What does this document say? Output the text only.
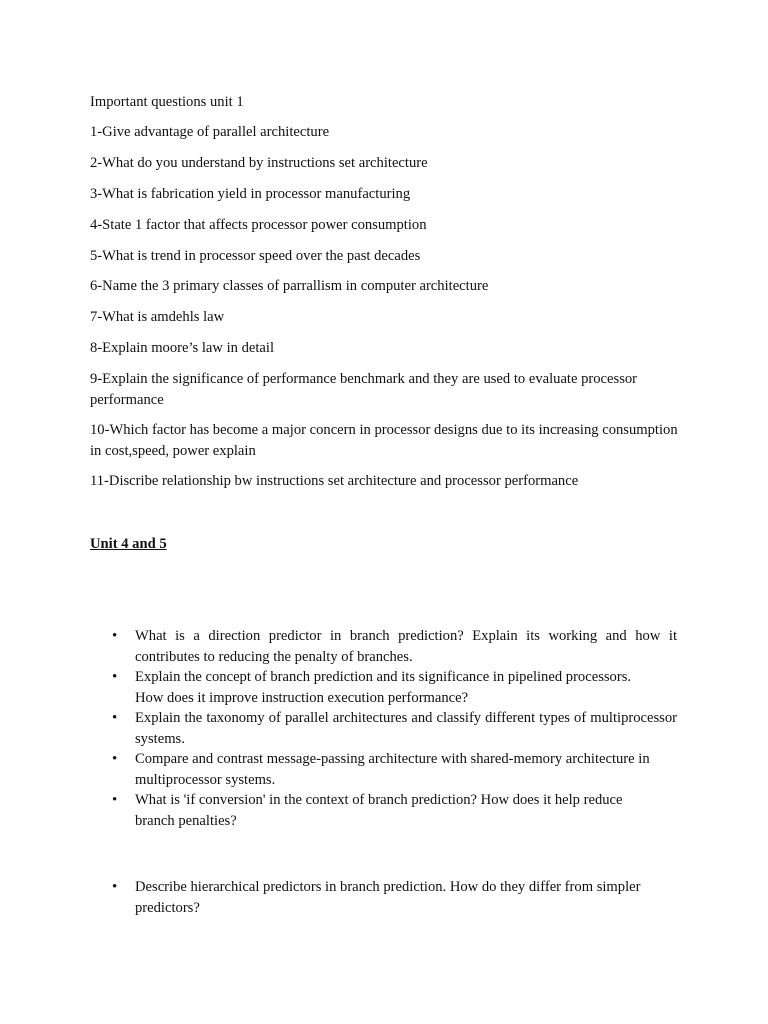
Important questions unit 1
1-Give advantage of parallel architecture
2-What do you understand by instructions set architecture
3-What is fabrication yield in processor manufacturing
4-State 1 factor that affects processor power consumption
5-What is trend in processor speed over the past decades
6-Name the 3 primary classes of parrallism in computer architecture
7-What is amdehls law
8-Explain moore’s law in detail
9-Explain the significance of performance benchmark and they are used to evaluate processor performance
10-Which factor has become a major concern in processor designs due to its increasing consumption in cost,speed, power explain
11-Discribe relationship bw instructions set architecture and processor performance
Unit 4 and 5
•	What is a direction predictor in branch prediction? Explain its working and how it contributes to reducing the penalty of branches.
•	Explain the concept of branch prediction and its significance in pipelined processors.
How does it improve instruction execution performance?
•	Explain the taxonomy of parallel architectures and classify different types of multiprocessor systems.
•	Compare and contrast message-passing architecture with shared-memory architecture in multiprocessor systems.
•	What is 'if conversion' in the context of branch prediction? How does it help reduce branch penalties?
•	Describe hierarchical predictors in branch prediction. How do they differ from simpler predictors?
